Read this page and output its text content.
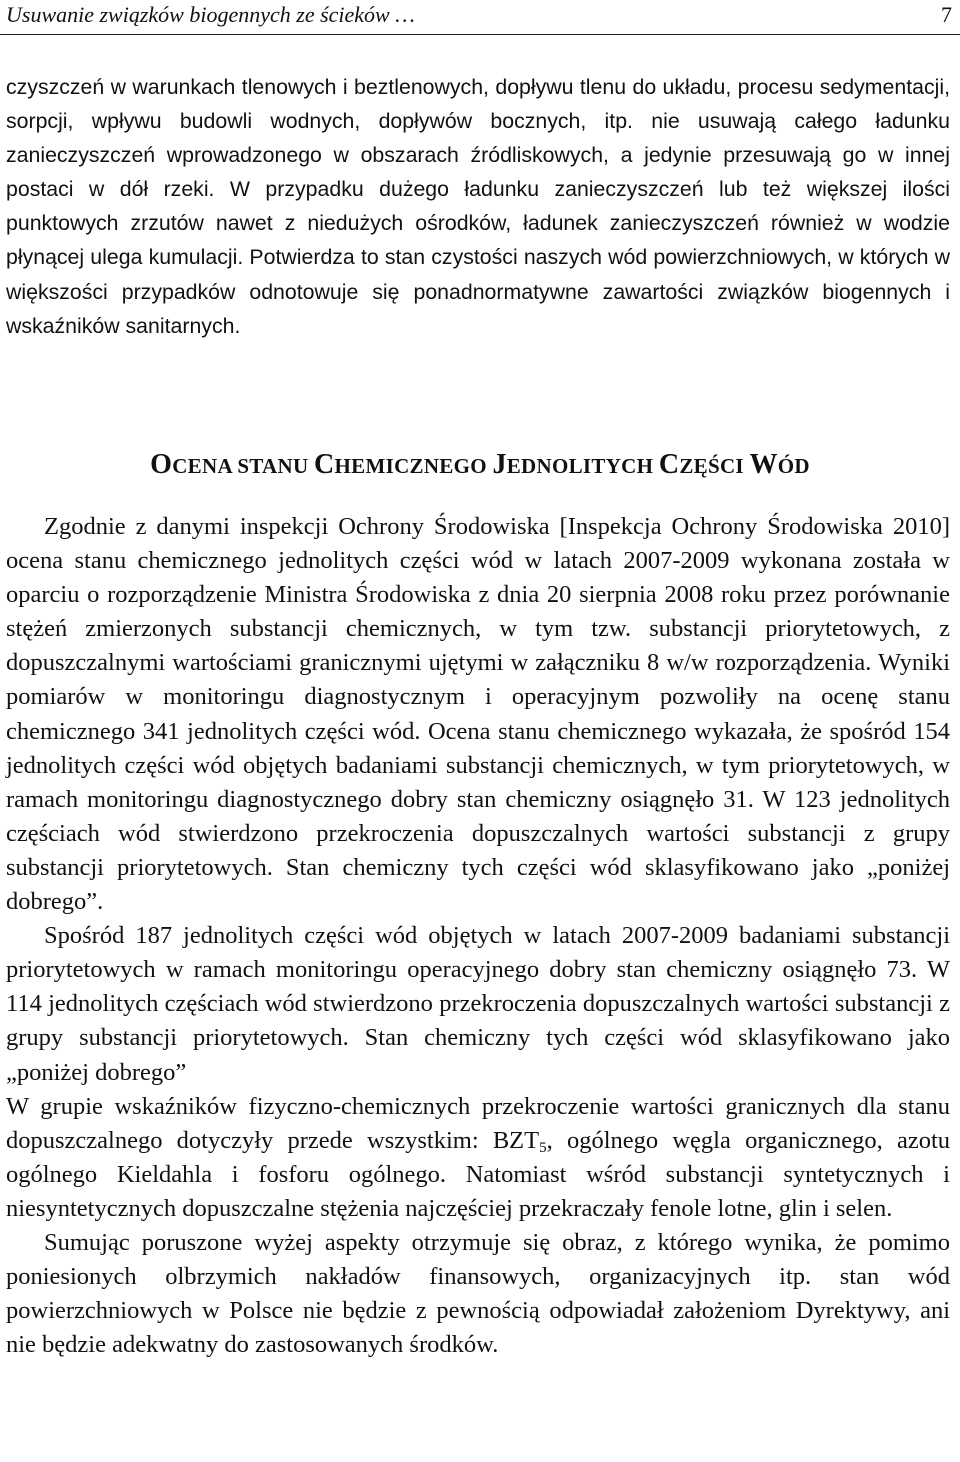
Usuwanie związków biogennych ze ścieków …	7

czyszczeń w warunkach tlenowych i beztlenowych, dopływu tlenu do układu, procesu sedymentacji, sorpcji, wpływu budowli wodnych, dopływów bocznych, itp. nie usuwają całego ładunku zanieczyszczeń wprowadzonego w obszarach źródliskowych, a jedynie przesuwają go w innej postaci w dół rzeki. W przypadku dużego ładunku zanieczyszczeń lub też większej ilości punktowych zrzutów nawet z niedużych ośrodków, ładunek zanieczyszczeń również w wodzie płynącej ulega kumulacji. Potwierdza to stan czystości naszych wód powierzchniowych, w których w większości przypadków odnotowuje się ponadnormatywne zawartości związków biogennych i wskaźników sanitarnych.

OCENA STANU CHEMICZNEGO JEDNOLITYCH CZĘŚCI WÓD

Zgodnie z danymi inspekcji Ochrony Środowiska [Inspekcja Ochrony Środowiska 2010] ocena stanu chemicznego jednolitych części wód w latach 2007-2009 wykonana została w oparciu o rozporządzenie Ministra Środowiska z dnia 20 sierpnia 2008 roku przez porównanie stężeń zmierzonych substancji chemicznych, w tym tzw. substancji priorytetowych, z dopuszczalnymi wartościami granicznymi ujętymi w załączniku 8 w/w rozporządzenia. Wyniki pomiarów w monitoringu diagnostycznym i operacyjnym pozwoliły na ocenę stanu chemicznego 341 jednolitych części wód. Ocena stanu chemicznego wykazała, że spośród 154 jednolitych części wód objętych badaniami substancji chemicznych, w tym priorytetowych, w ramach monitoringu diagnostycznego dobry stan chemiczny osiągnęło 31. W 123 jednolitych częściach wód stwierdzono przekroczenia dopuszczalnych wartości substancji z grupy substancji priorytetowych. Stan chemiczny tych części wód sklasyfikowano jako „poniżej dobrego”.

Spośród 187 jednolitych części wód objętych w latach 2007-2009 badaniami substancji priorytetowych w ramach monitoringu operacyjnego dobry stan chemiczny osiągnęło 73. W 114 jednolitych częściach wód stwierdzono przekroczenia dopuszczalnych wartości substancji z grupy substancji priorytetowych. Stan chemiczny tych części wód sklasyfikowano jako „poniżej dobrego”

W grupie wskaźników fizyczno-chemicznych przekroczenie wartości granicznych dla stanu dopuszczalnego dotyczyły przede wszystkim: $BZT_5$, ogólnego węgla organicznego, azotu ogólnego Kieldahla i fosforu ogólnego. Natomiast wśród substancji syntetycznych i niesyntetycznych dopuszczalne stężenia najczęściej przekraczały fenole lotne, glin i selen.

Sumując poruszone wyżej aspekty otrzymuje się obraz, z którego wynika, że pomimo poniesionych olbrzymich nakładów finansowych, organizacyjnych itp. stan wód powierzchniowych w Polsce nie będzie z pewnością odpowiadał założeniom Dyrektywy, ani nie będzie adekwatny do zastosowanych środków.
